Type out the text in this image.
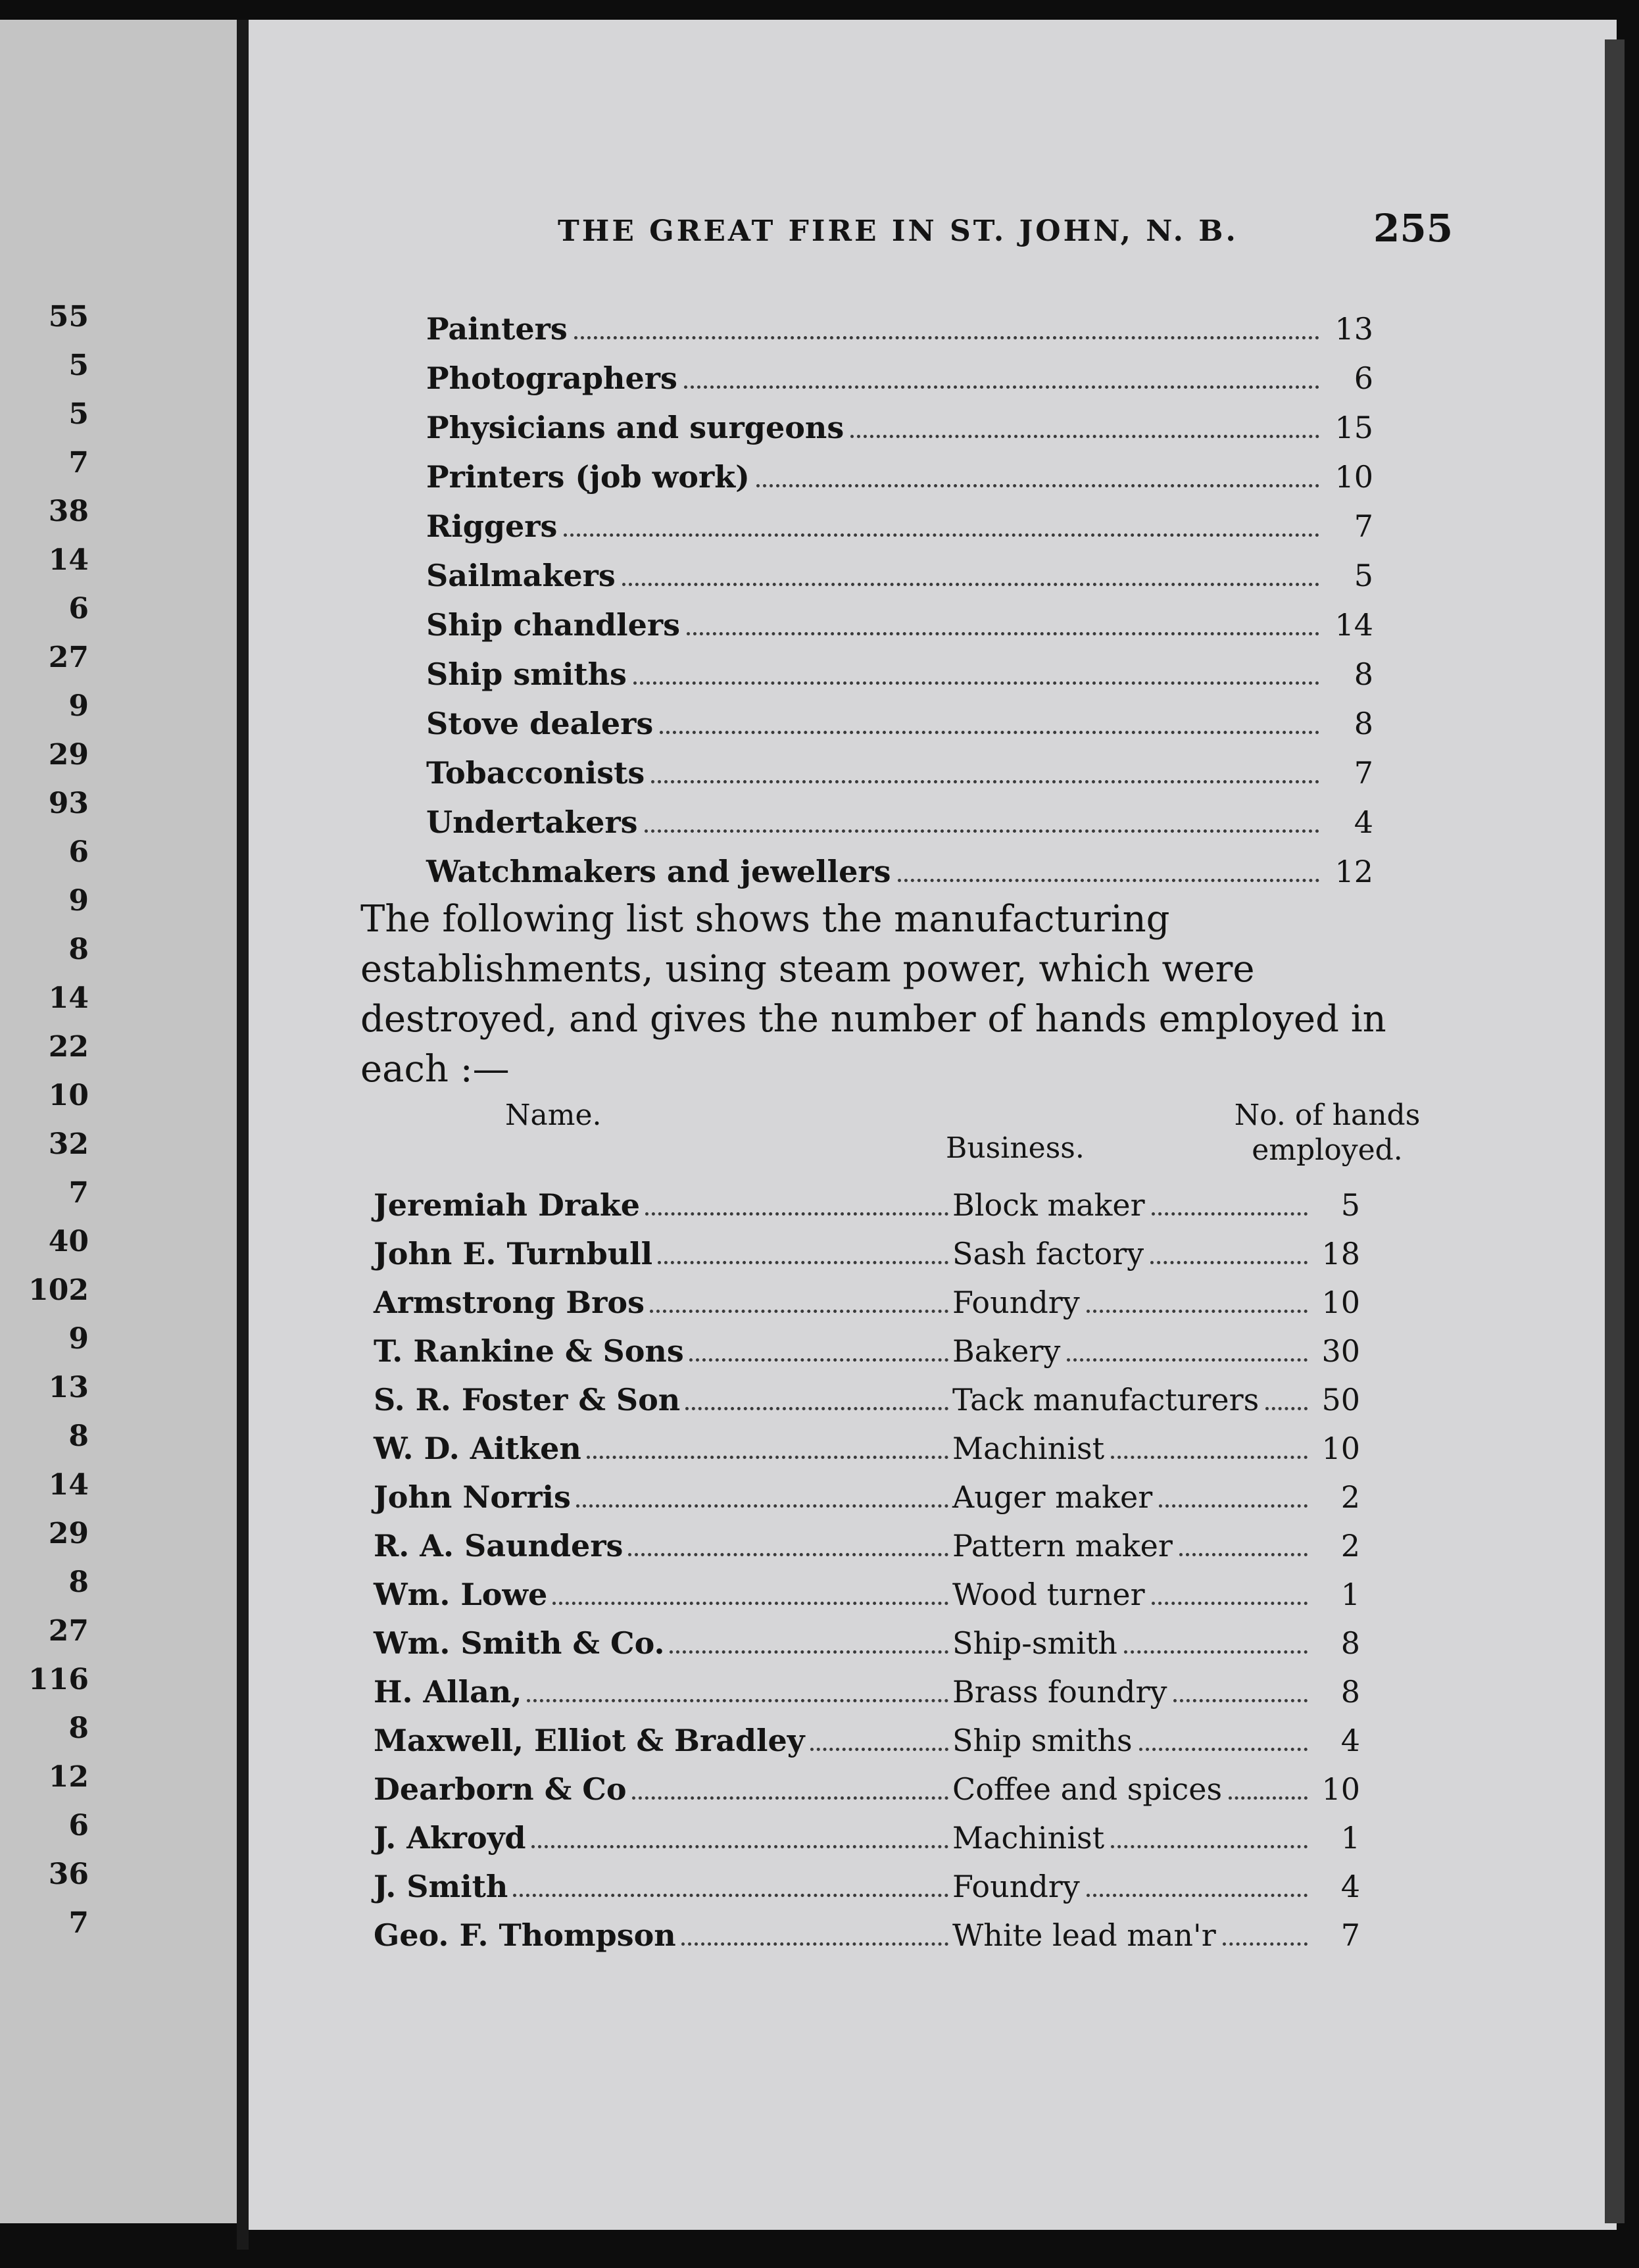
55
5
5
7
38
14
6
27
9
29
93
6
9
8
14
22
10
32
7
40
102
9
13
8
14
29
8
27
116
8
12
6
36
7
THE GREAT FIRE IN ST. JOHN, N. B.	255
Painters	13
Photographers	6
Physicians and surgeons	15
Printers (job work)	10
Riggers	7
Sailmakers	5
Ship chandlers	14
Ship smiths	8
Stove dealers	8
Tobacconists	7
Undertakers	4
Watchmakers and jewellers	12

The following list shows the manufacturing establishments, using steam power, which were destroyed, and gives the number of hands employed in each :—

Name.
Business.
No. of hands employed.
Jeremiah Drake	Block maker	5
John E. Turnbull	Sash factory	18
Armstrong Bros	Foundry	10
T. Rankine & Sons	Bakery	30
S. R. Foster & Son	Tack manufacturers 50
W. D. Aitken	Machinist	10
John Norris	Auger maker	2
R. A. Saunders	Pattern maker	2
Wm. Lowe	Wood turner	1
Wm. Smith & Co.	Ship-smith	8
H. Allan,	Brass foundry	8
Maxwell, Elliot & Bradley	Ship smiths	4
Dearborn & Co	Coffee and spices	10
J. Akroyd	Machinist	1
J. Smith	Foundry	4
Geo. F. Thompson	White lead man'r	7
